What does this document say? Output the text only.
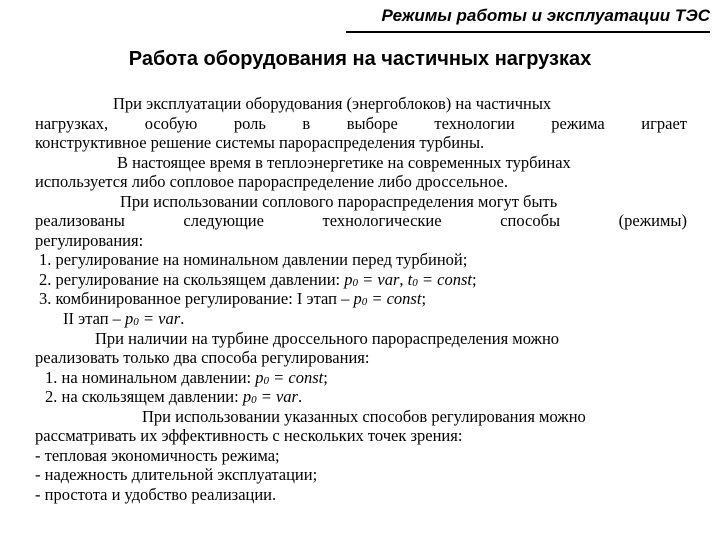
Режимы работы и эксплуатации ТЭС
Работа оборудования на частичных нагрузках
При эксплуатации оборудования (энергоблоков) на частичных
нагрузках, особую роль в выборе технологии режима играет
конструктивное решение системы парораспределения турбины.
В настоящее время в теплоэнергетике на современных турбинах
используется либо сопловое парораспределение либо дроссельное.
При использовании соплового парораспределения могут быть
реализованы следующие технологические способы (режимы)
регулирования:
1. регулирование на номинальном давлении перед турбиной;
2. регулирование на скользящем давлении: $p_0$ = var, $t_0$ = const;
3. комбинированное регулирование: I этап – $p_0$ = const;
II этап – $p_0$ = var.
При наличии на турбине дроссельного парораспределения можно
реализовать только два способа регулирования:
1. на номинальном давлении: $p_0$ = const;
2. на скользящем давлении: $p_0$ = var.
При использовании указанных способов регулирования можно
рассматривать их эффективность с нескольких точек зрения:
- тепловая экономичность режима;
- надежность длительной эксплуатации;
- простота и удобство реализации.
